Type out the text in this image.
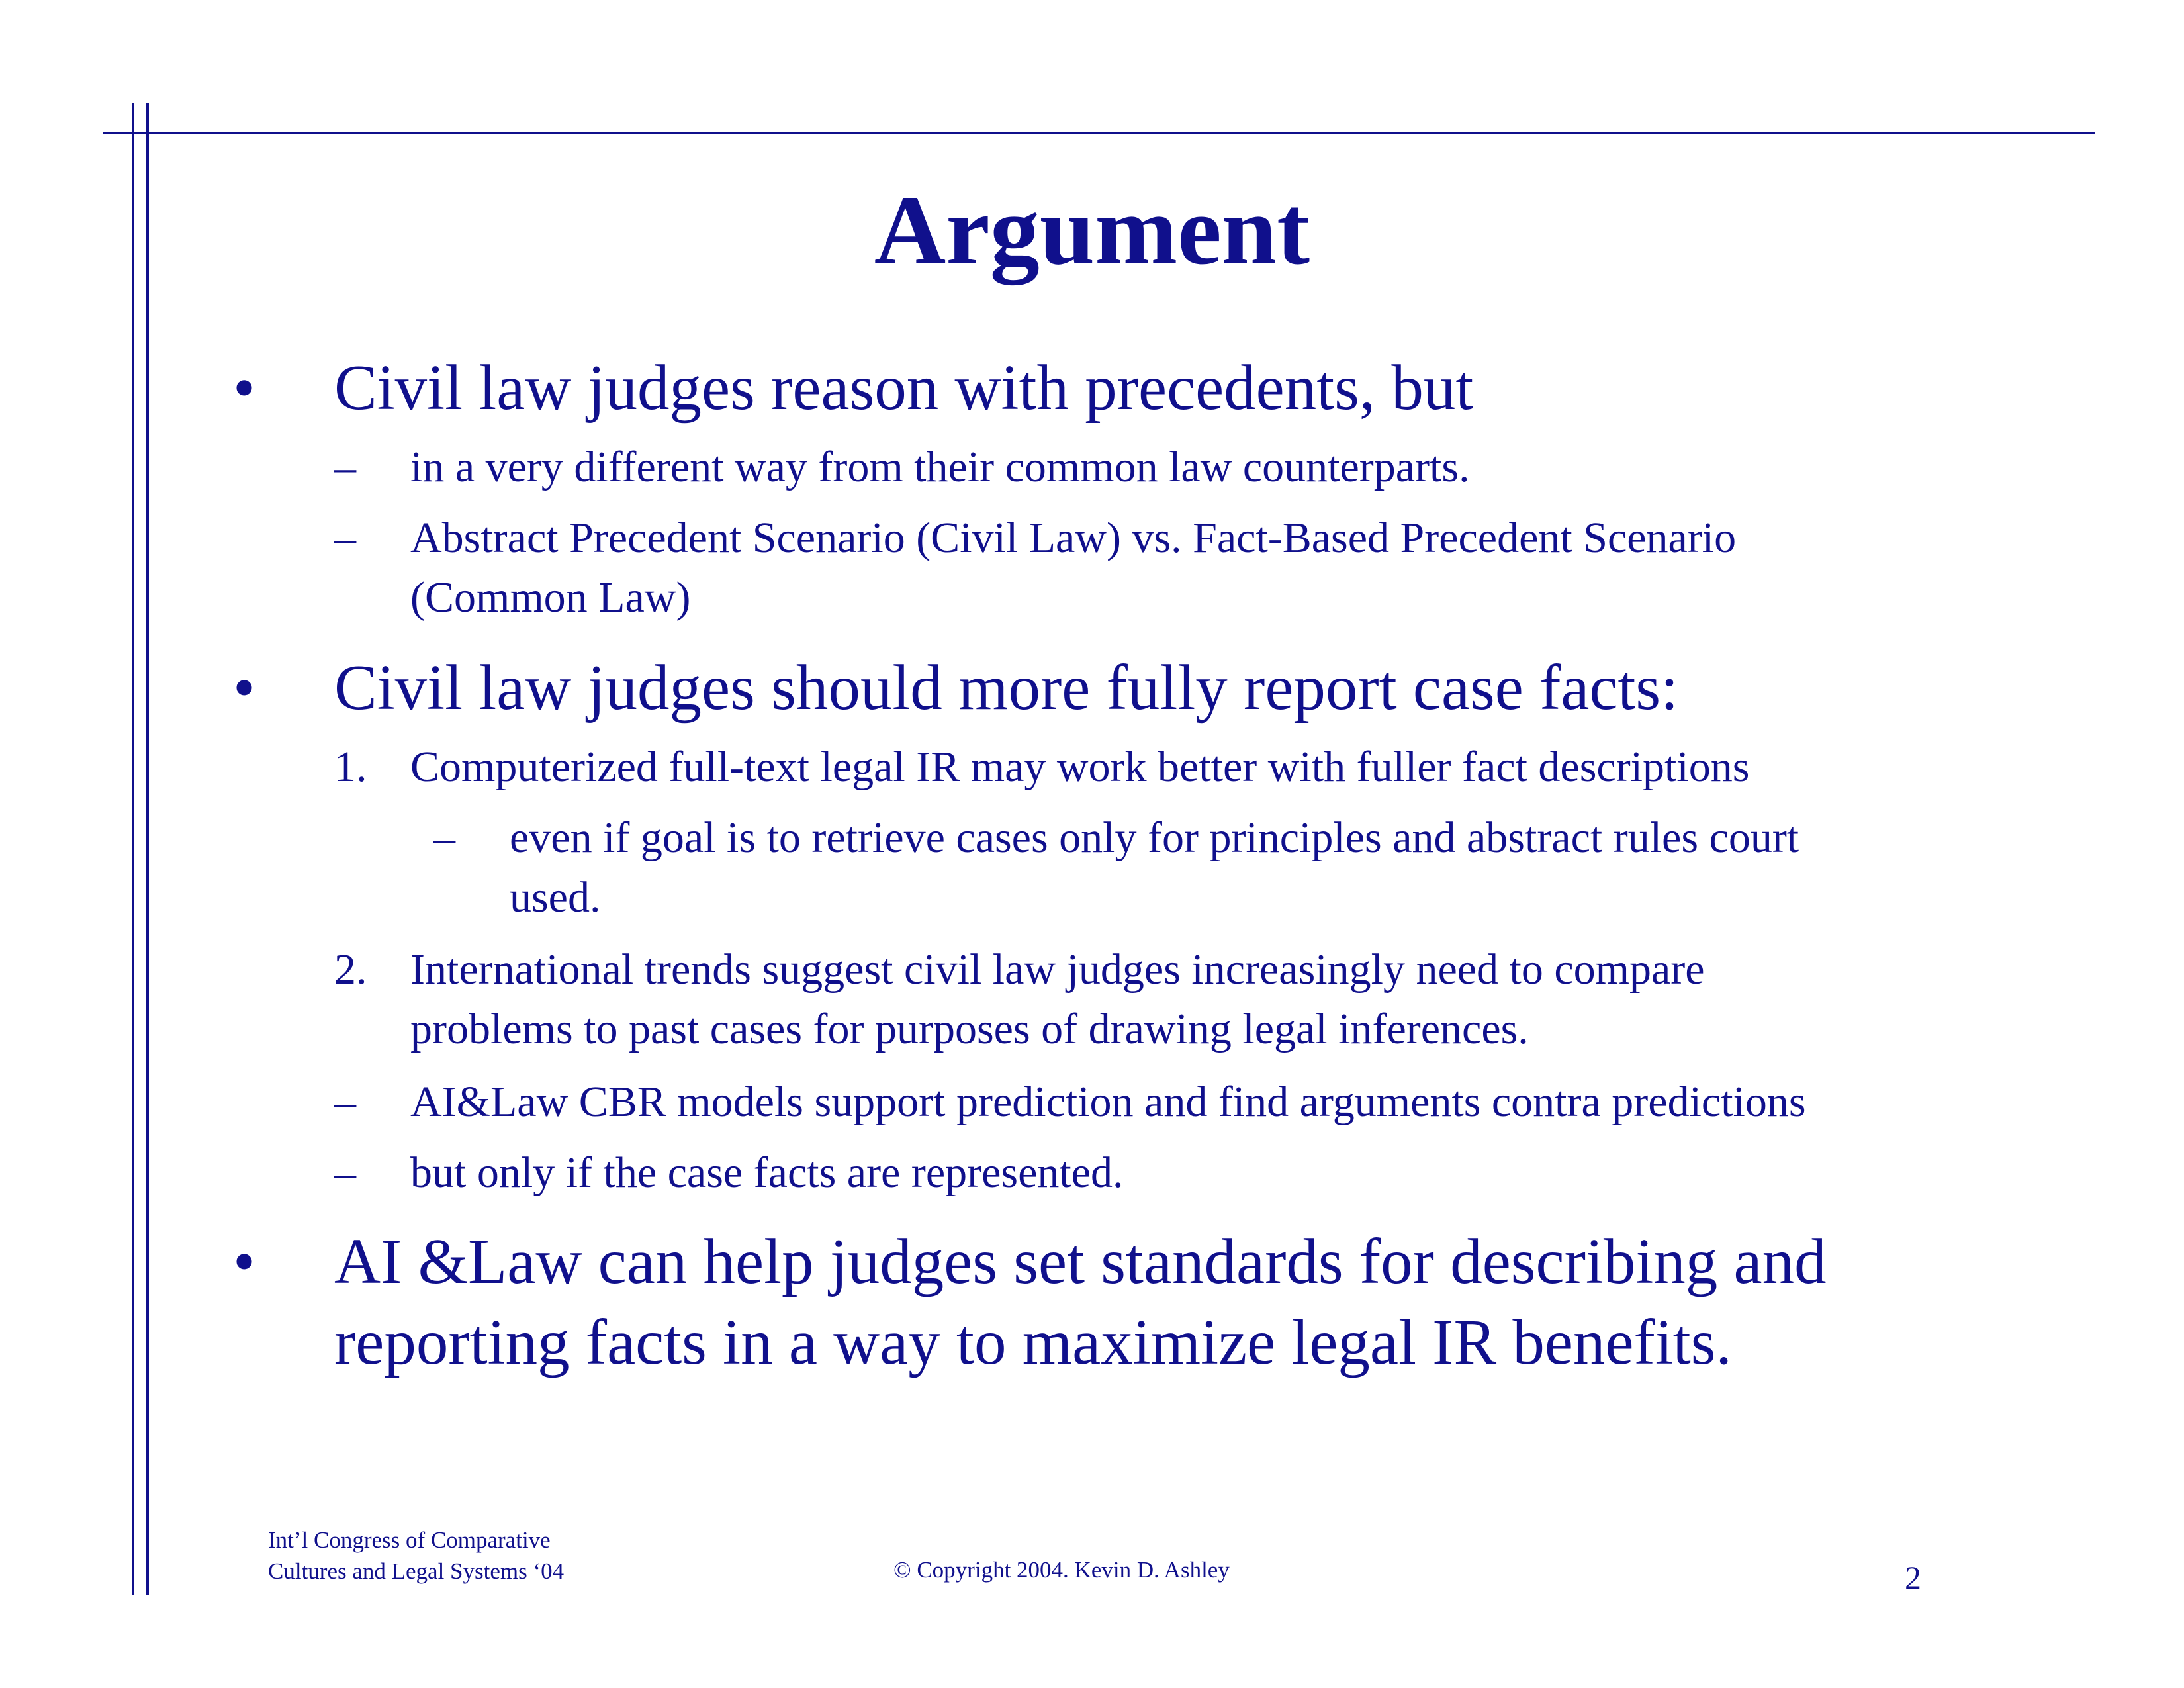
Argument
• Civil law judges reason with precedents, but
– in a very different way from their common law counterparts.
– Abstract Precedent Scenario (Civil Law) vs. Fact-Based Precedent Scenario
(Common Law)
• Civil law judges should more fully report case facts:
1. Computerized full-text legal IR may work better with fuller fact descriptions
– even if goal is to retrieve cases only for principles and abstract rules court
used.
2. International trends suggest civil law judges increasingly need to compare
problems to past cases for purposes of drawing legal inferences.
– AI&Law CBR models support prediction and find arguments contra predictions
– but only if the case facts are represented.
• AI &Law can help judges set standards for describing and
reporting facts in a way to maximize legal IR benefits.
Int’l Congress of Comparative
Cultures and Legal Systems ‘04	© Copyright 2004. Kevin D. Ashley	2
